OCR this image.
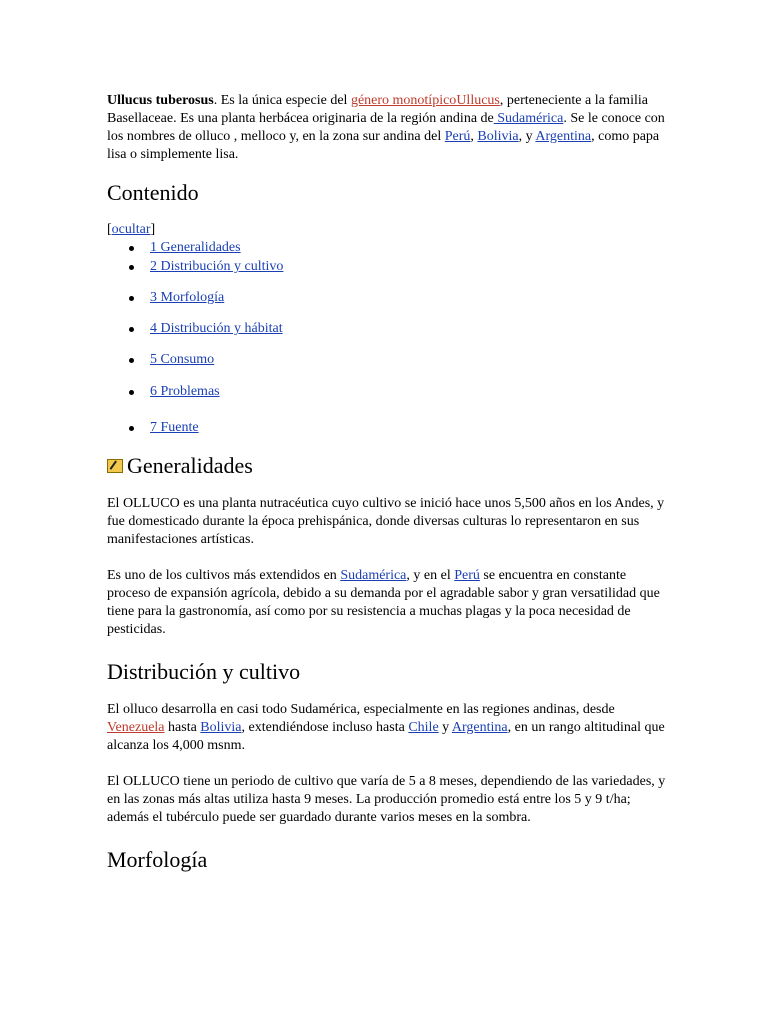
Ullucus tuberosus. Es la única especie del género monotípicoUllucus, perteneciente a la familia Basellaceae. Es una planta herbácea originaria de la región andina de Sudamérica. Se le conoce con los nombres de olluco , melloco y, en la zona sur andina del Perú, Bolivia, y Argentina, como papa lisa o simplemente lisa.

Contenido
[ocultar]
1 Generalidades
2 Distribución y cultivo
3 Morfología
4 Distribución y hábitat
5 Consumo
6 Problemas
7 Fuente
Generalidades

El OLLUCO es una planta nutracéutica cuyo cultivo se inició hace unos 5,500 años en los Andes, y fue domesticado durante la época prehispánica, donde diversas culturas lo representaron en sus manifestaciones artísticas.

Es uno de los cultivos más extendidos en Sudamérica, y en el Perú se encuentra en constante proceso de expansión agrícola, debido a su demanda por el agradable sabor y gran versatilidad que tiene para la gastronomía, así como por su resistencia a muchas plagas y la poca necesidad de pesticidas.

Distribución y cultivo

El olluco desarrolla en casi todo Sudamérica, especialmente en las regiones andinas, desde Venezuela hasta Bolivia, extendiéndose incluso hasta Chile y Argentina, en un rango altitudinal que alcanza los 4,000 msnm.

El OLLUCO tiene un periodo de cultivo que varía de 5 a 8 meses, dependiendo de las variedades, y en las zonas más altas utiliza hasta 9 meses. La producción promedio está entre los 5 y 9 t/ha; además el tubérculo puede ser guardado durante varios meses en la sombra.

Morfología
